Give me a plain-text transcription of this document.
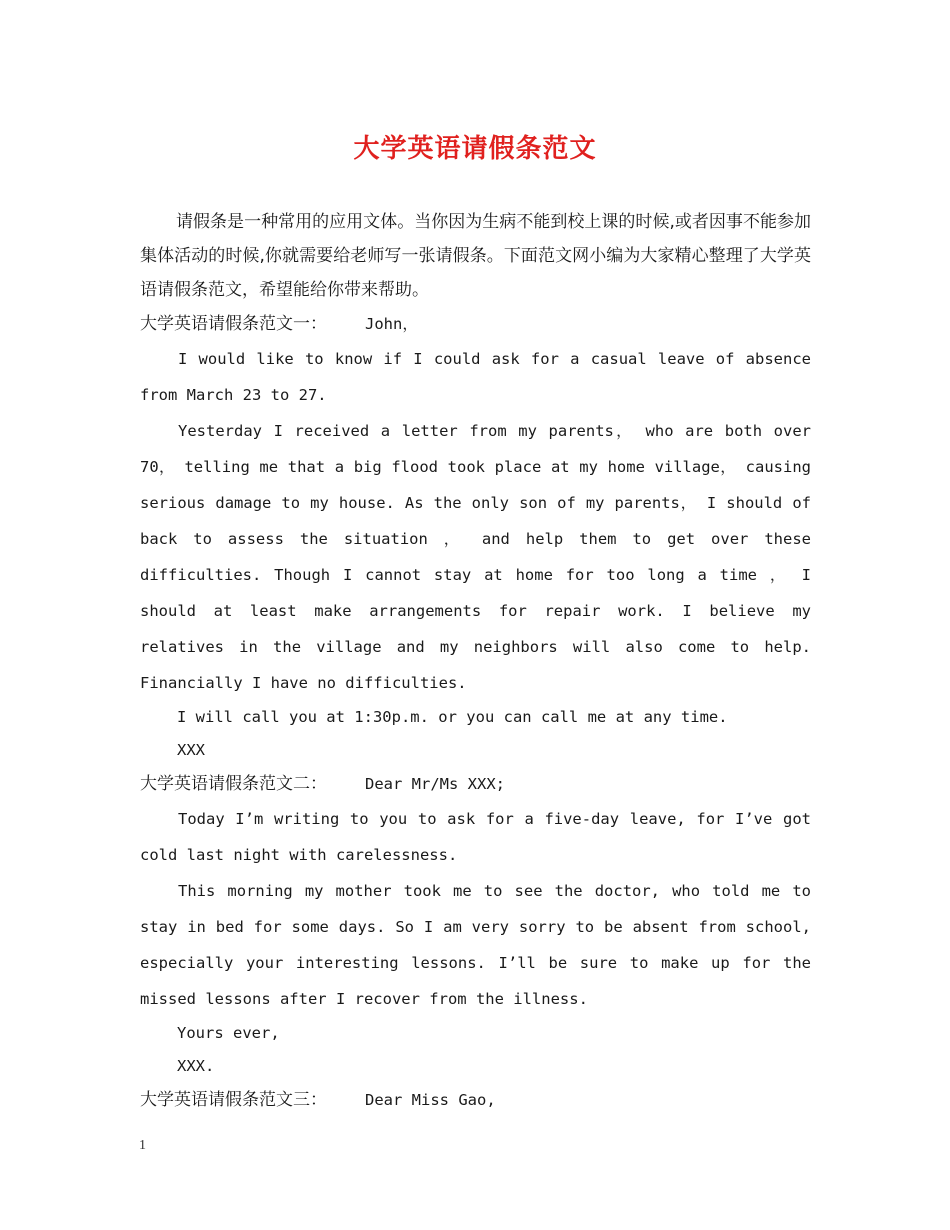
大学英语请假条范文

请假条是一种常用的应用文体。当你因为生病不能到校上课的时候,或者因事不能参加集体活动的时候,你就需要给老师写一张请假条。下面范文网小编为大家精心整理了大学英语请假条范文，希望能给你带来帮助。

大学英语请假条范文一： John，

I would like to know if I could ask for a casual leave of absence from March 23 to 27.

Yesterday I received a letter from my parents， who are both over 70， telling me that a big flood took place at my home village， causing serious damage to my house. As the only son of my parents， I should of back to assess the situation ， and help them to get over these difficulties. Though I cannot stay at home for too long a time ， I should at least make arrangements for repair work. I believe my relatives in the village and my neighbors will also come to help. Financially I have no difficulties.

I will call you at 1:30p.m. or you can call me at any time.

XXX

大学英语请假条范文二： Dear Mr/Ms XXX;

Today I’m writing to you to ask for a five-day leave, for I’ve got cold last night with carelessness.

This morning my mother took me to see the doctor, who told me to stay in bed for some days. So I am very sorry to be absent from school, especially your interesting lessons. I’ll be sure to make up for the missed lessons after I recover from the illness.

Yours ever,

XXX.

大学英语请假条范文三： Dear Miss Gao,
1
